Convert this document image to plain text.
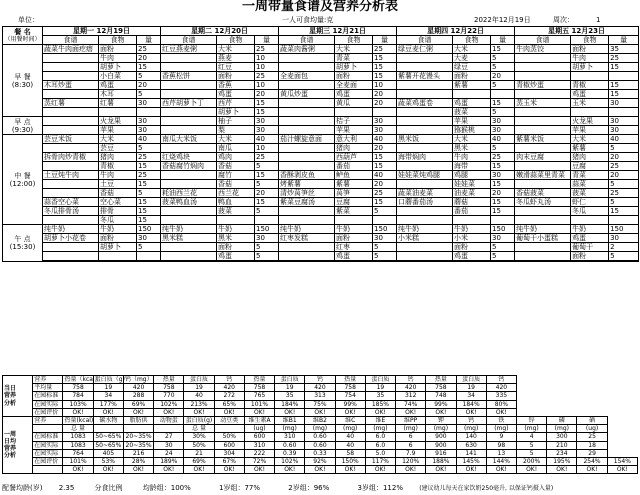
一周带量食谱及营养分析表
单位：	一人可食均量:克	2022年12月19日	周次：	1
餐 名
（用餐时间）	星期一 12月19日			星期二 12月20日			星期三 12月21日			星期四 12月22日			星期五 12月23日		
	食谱	食物	量	食谱	食物	量	食谱	食物	量	食谱	食物	量	食谱	食物	量

早 餐
(8:30)	蔬菜牛肉面疙瘩	面粉	25	红豆燕麦粥	大米	25	蔬菜肉酱粥	大米	25	绿豆麦仁粥	大米	15	牛肉蒸饺	面粉	35
		牛肉	20		燕麦	10		青菜	15		大麦	5		牛肉	25
		胡萝卜	15		红豆	10		胡萝卜	15		绿豆	5		胡萝卜	15
		小白菜	5	香蕉松饼	面粉	25	全麦面包	面粉	15	紫薯开花馒头	面粉	20			
	木耳炒蛋	鸡蛋	20		香蕉	10		全麦面	10		紫薯	5	青椒炒蛋	青椒	15
		木耳	5		鸡蛋	20	黄瓜炒蛋	鸡蛋	20					鸡蛋	15
	蒸红薯	红薯	30	西芹胡萝卜丁	西芹	15		黄瓜	20	蔬菜鸡蛋卷	鸡蛋	15	蒸玉米	玉米	30
					胡萝卜	15					菠菜	5			

早 点
(9:30)		火龙果	30		柚子	30		桔子	30		苹果	30		火龙果	30
		苹果	30		梨	30		苹果	30		猕猴桃	30		苹果	30

中 餐
(12:00)	芸豆米饭	大米	40	南瓜大米饭	大米	40	茄汁螺旋意面	意大利	40	黑米饭	大米	40	紫薯米饭	大米	40
		芸豆	5		南瓜	10		猪肉	20		黑米	5		紫薯	5
	拆骨肉炒青椒	猪肉	25	红烧鸡块	鸡肉	25		西葫芦	15	海带焖肉	牛肉	25	肉末豆腐	猪肉	20
		青椒	15	香菇腐竹焖肉	香菇	5		番茄	15		海带	15		豆腐	25
	土豆炖牛肉	牛肉	25		腐竹	15	香酥剥皮鱼	鲈鱼	40	娃娃菜炖鸡腿	鸡腿	30	嫩滑蒜菜里青菜	青菜	20
		土豆	15		香菇	5	烤紫薯	紫薯	20		娃娃菜	15		蒜菜	5
		香菇	5	耗油西兰花	西兰花	20	清炒莴笋丝	莴笋	25	蔬菜油麦菜	油麦菜	20	香菇菠菜	菠菜	25
	蒜香空心菜	空心菜	15	菠菜鸭血汤	鸭血	15	紫菜豆腐汤	豆腐	15	口蘑番茄汤	蘑菇	15	冬瓜虾丸汤	虾仁	5
	冬瓜排骨汤	排骨	15		菠菜	5		紫菜	5		番茄	15		冬瓜	15
		冬瓜	15												

午 点
(15:30)	纯牛奶	牛奶	150	纯牛奶	牛奶	150	纯牛奶	牛奶	150	纯牛奶	牛奶	150	纯牛奶	牛奶	150
	胡萝卜小花卷	面粉	30	黑米糕	黑米	30	红枣发糕	面粉	30	小米糕	小米	30	葡萄干小蛋糕	鸡蛋	30
		胡萝卜	5		面粉	5		红枣	5		面粉	5		葡萄干	2
					鸡蛋	5		鸡蛋	5		鸡蛋	5		面粉	5

当日
营养
分析	营养	热量（kcal）	蛋白质（g）	钙（mg）	热量	蛋白质	钙	热量	蛋白质	钙	热量	蛋白质	钙	热量	蛋白质	钙				
	平均量	758	19	420	758	19	420	758	19	420	758	19	420	758	19	420				
	在园标准	784	34	288	770	40	272	765	35	313	754	35	312	748	34	335				
	在园实际	103%	177%	69%	102%	213%	65%	101%	184%	75%	99%	185%	74%	99%	184%	80%				
	在园评价	OK!	OK!	OK!	OK!	OK!	OK!	OK!	OK!	OK!	OK!	OK!	OK!	OK!	OK!	OK!				

一周
日均
营养
分析	营养	热量(kcal)	碳水物	脂肪供	动物蛋	蛋白质(g)	动豆类	维生素A	维B1	维B2	维C	维E	维PP	钾	钙	铁	锌	磷	硒	
		总 量				总 量		(ug)	(mg)	(mg)	(mg)	(mg)	(mg)	(mg)	(mg)	(mg)	(mg)	(mg)	(ug)	
	在园标准	1083	50~65%	20~35%	27	30%	50%	600	310	0.60	40	6.0	6	900	140	9	4	300	25	
	在园实际	1083	50~65%	20~35%	30	50%	600	310	0.60	0.60	40	6.0	6	900	630	98	5	210	18	
	在园实际	764	405	216	24	21	304	222	0.39	0.33	58	5.0	7.9	916	141	13	5	234	29	
	在园评价	101%	53%	28%	189%	69%	67%	72%	102%	92%	150%	117%	120%	188%	145%	144%	200%	195%	254%	154%
		OK!	OK!	OK!	OK!	OK!	OK!	OK!	OK!	OK!	OK!	OK!	OK!	OK!	OK!	OK!	OK!	OK!	OK!	OK!
配餐均龄(岁) 2.35	分食比例	均龄组：100%	1岁组：77%	2岁组：96%	3岁组：112%	(建议幼儿每天在家饮奶250毫升, 以保证钙摄入量)
